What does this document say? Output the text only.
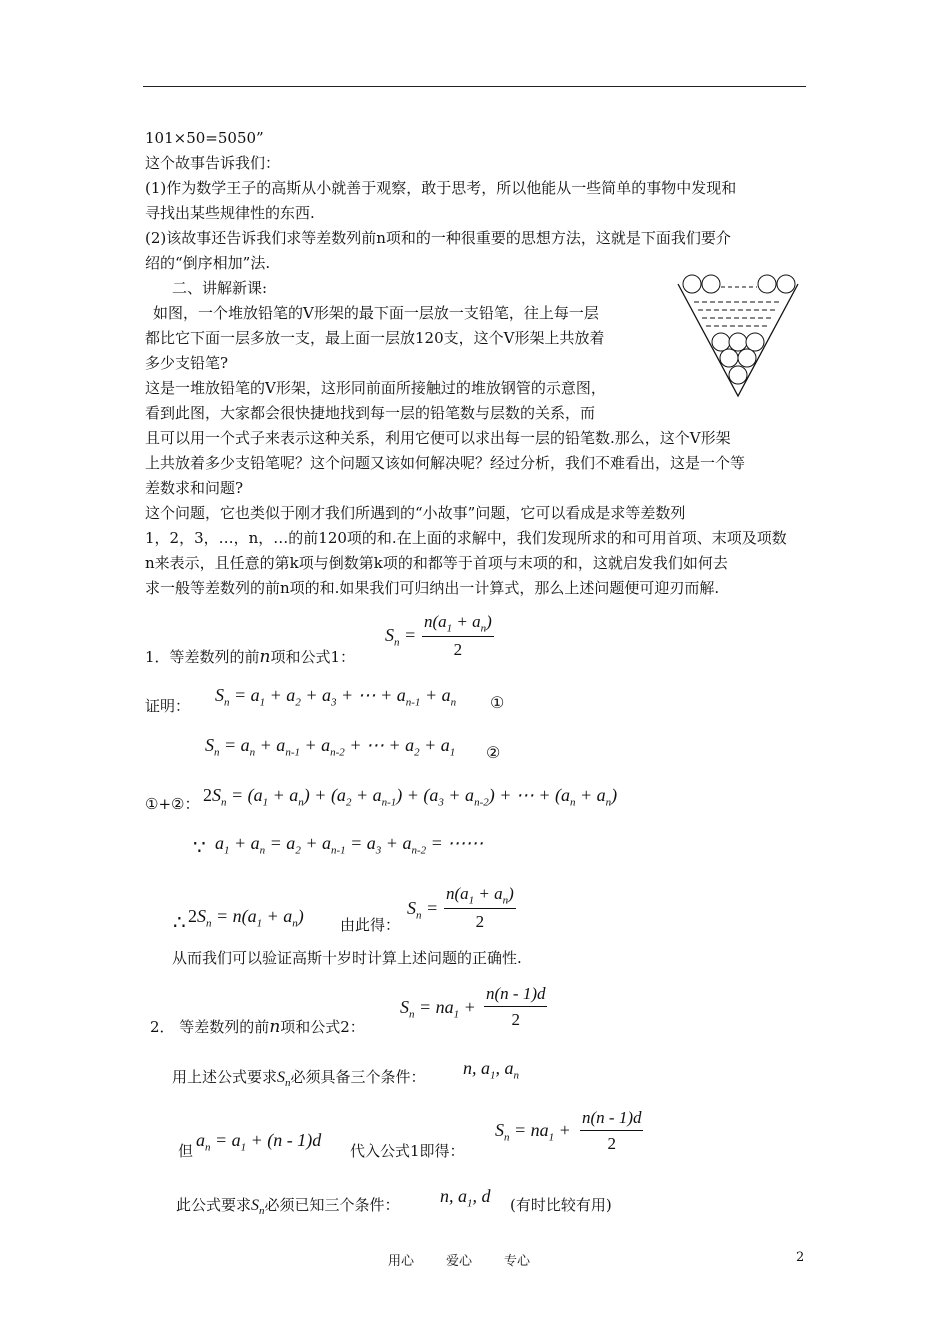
101×50=5050”
这个故事告诉我们：
(1)作为数学王子的高斯从小就善于观察，敢于思考，所以他能从一些简单的事物中发现和
寻找出某些规律性的东西.
(2)该故事还告诉我们求等差数列前n项和的一种很重要的思想方法，这就是下面我们要介
绍的“倒序相加”法.
二、讲解新课:
如图，一个堆放铅笔的V形架的最下面一层放一支铅笔，往上每一层
都比它下面一层多放一支，最上面一层放120支，这个V形架上共放着
多少支铅笔?
这是一堆放铅笔的V形架，这形同前面所接触过的堆放钢管的示意图，
看到此图，大家都会很快捷地找到每一层的铅笔数与层数的关系，而
且可以用一个式子来表示这种关系，利用它便可以求出每一层的铅笔数.那么，这个V形架
上共放着多少支铅笔呢？这个问题又该如何解决呢？经过分析，我们不难看出，这是一个等
差数求和问题?
这个问题，它也类似于刚才我们所遇到的“小故事”问题，它可以看成是求等差数列
1，2，3，…，n，…的前120项的和.在上面的求解中，我们发现所求的和可用首项、末项及项数
n来表示，且任意的第k项与倒数第k项的和都等于首项与末项的和，这就启发我们如何去
求一般等差数列的前n项的和.如果我们可归纳出一计算式，那么上述问题便可迎刃而解.
1．等差数列的前n项和公式1：
$S_n = \frac{n(a_1 + a_n)}{2}$
证明：
$S_n = a_1 + a_2 + a_3$ + ⋯ + $a_{n-1} + a_n$ ①
$S_n = a_n + a_{n-1} + a_{n-2}$ + ⋯ + $a_2 + a_1$ ②
①+②： $2S_n = (a_1 + a_n) + (a_2 + a_{n-1}) + (a_3 + a_{n-2})$ + ⋯ + $(a_n + a_n)$
∵ $a_1 + a_n = a_2 + a_{n-1} = a_3 + a_{n-2}$ = ⋯⋯
∴ $2S_n = n(a_1 + a_n)$ 由此得：
$S_n = \frac{n(a_1 + a_n)}{2}$
从而我们可以验证高斯十岁时计算上述问题的正确性.
2． 等差数列的前n项和公式2：
$S_n = na_1 + \frac{n(n - 1)d}{2}$
用上述公式要求$S_n$必须具备三个条件： n, $a_1$, $a_n$
但
$a_n = a_1 + (n - 1)d$
代入公式1即得：
$S_n = na_1 + \frac{n(n - 1)d}{2}$
此公式要求$S_n$必须已知三个条件： n, $a_1$, d (有时比较有用)
用心 爱心 专心	2
